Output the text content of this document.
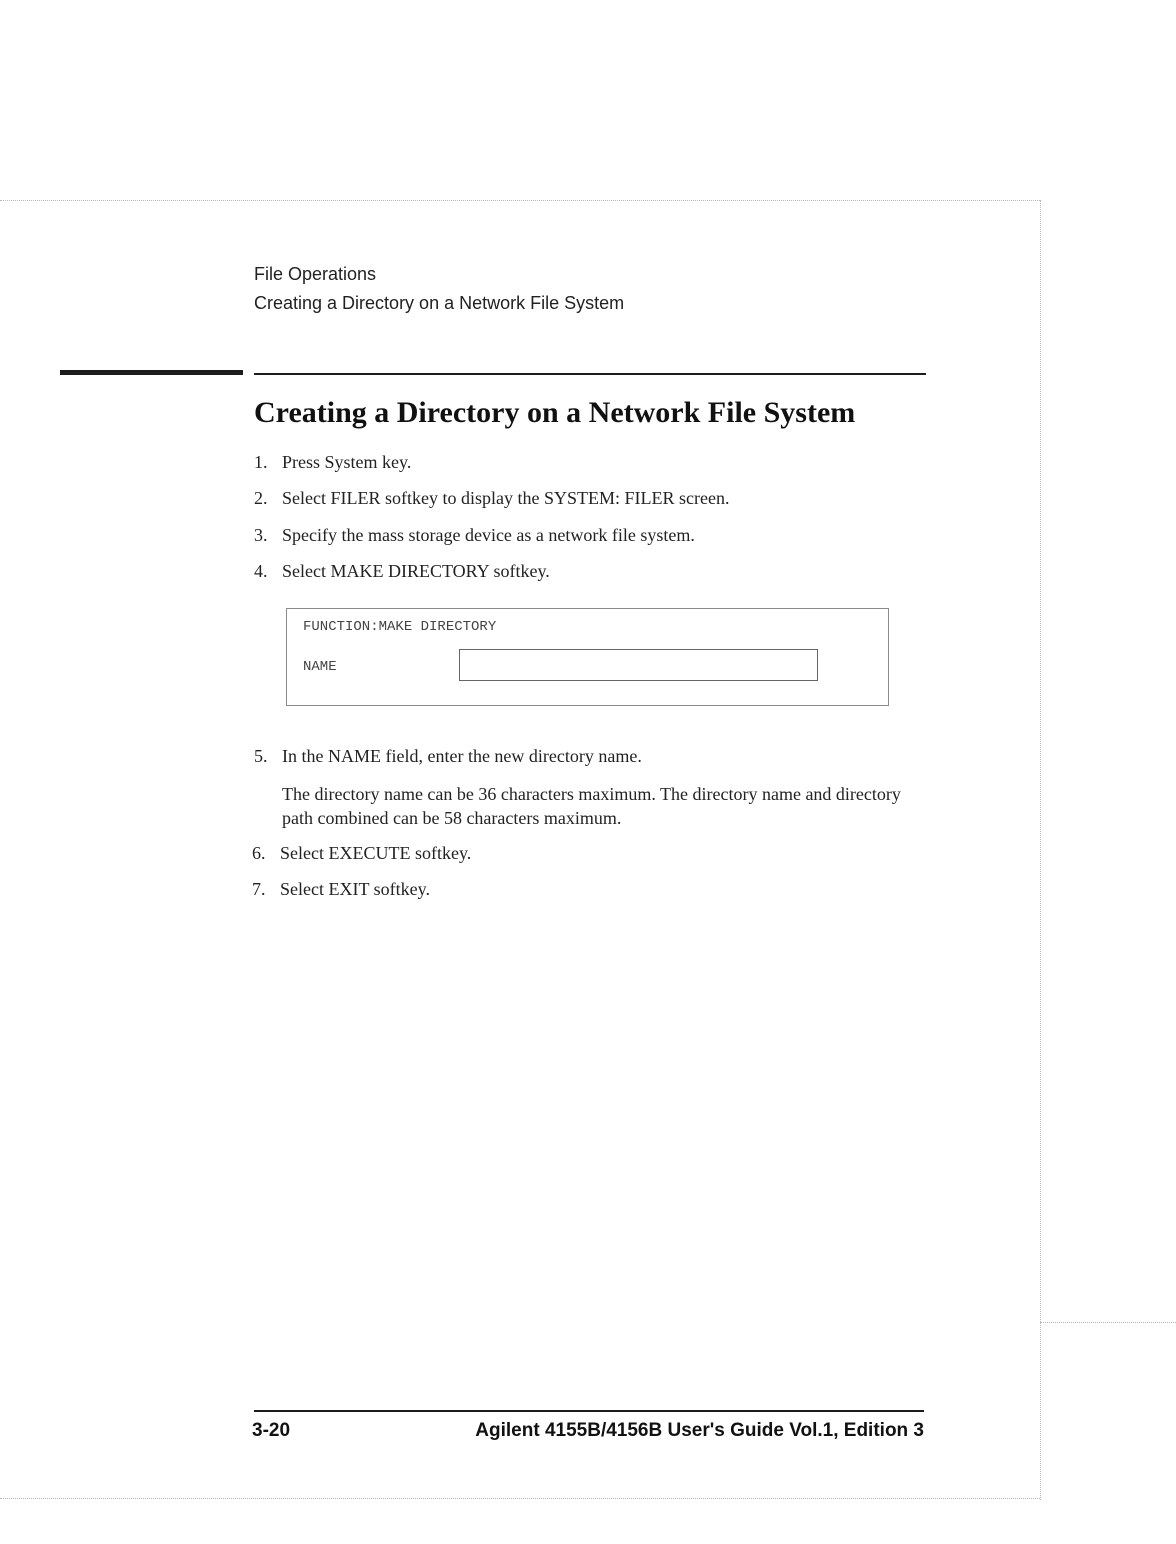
File Operations
Creating a Directory on a Network File System
Creating a Directory on a Network File System
1. Press System key.
2. Select FILER softkey to display the SYSTEM: FILER screen.
3. Specify the mass storage device as a network file system.
4. Select MAKE DIRECTORY softkey.
FUNCTION:MAKE DIRECTORY
NAME
5. In the NAME field, enter the new directory name.
The directory name can be 36 characters maximum. The directory name and directory path combined can be 58 characters maximum.
6. Select EXECUTE softkey.
7. Select EXIT softkey.
3-20	Agilent 4155B/4156B User's Guide Vol.1, Edition 3
